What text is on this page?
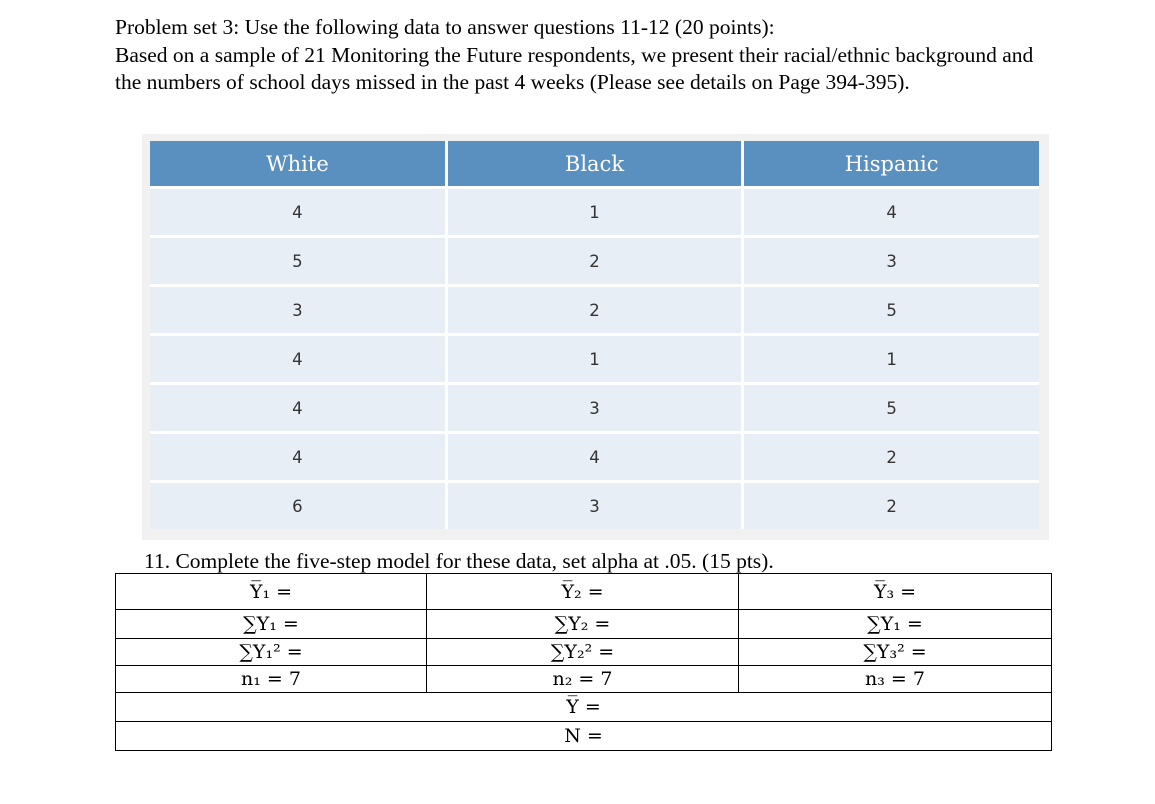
Problem set 3: Use the following data to answer questions 11-12 (20 points):

Based on a sample of 21 Monitoring the Future respondents, we present their racial/ethnic background and the numbers of school days missed in the past 4 weeks (Please see details on Page 394-395).

White	Black	Hispanic
4	1	4
5	2	3
3	2	5
4	1	1
4	3	5
4	4	2
6	3	2
11. Complete the five-step model for these data, set alpha at .05. (15 pts).
Y̅₁ =	Y̅₂ =	Y̅₃ =
∑Y₁ =	∑Y₂ =	∑Y₁ =
∑Y₁² =	∑Y₂² =	∑Y₃² =
n₁ = 7	n₂ = 7	n₃ = 7
Y̅ =		
N =		
